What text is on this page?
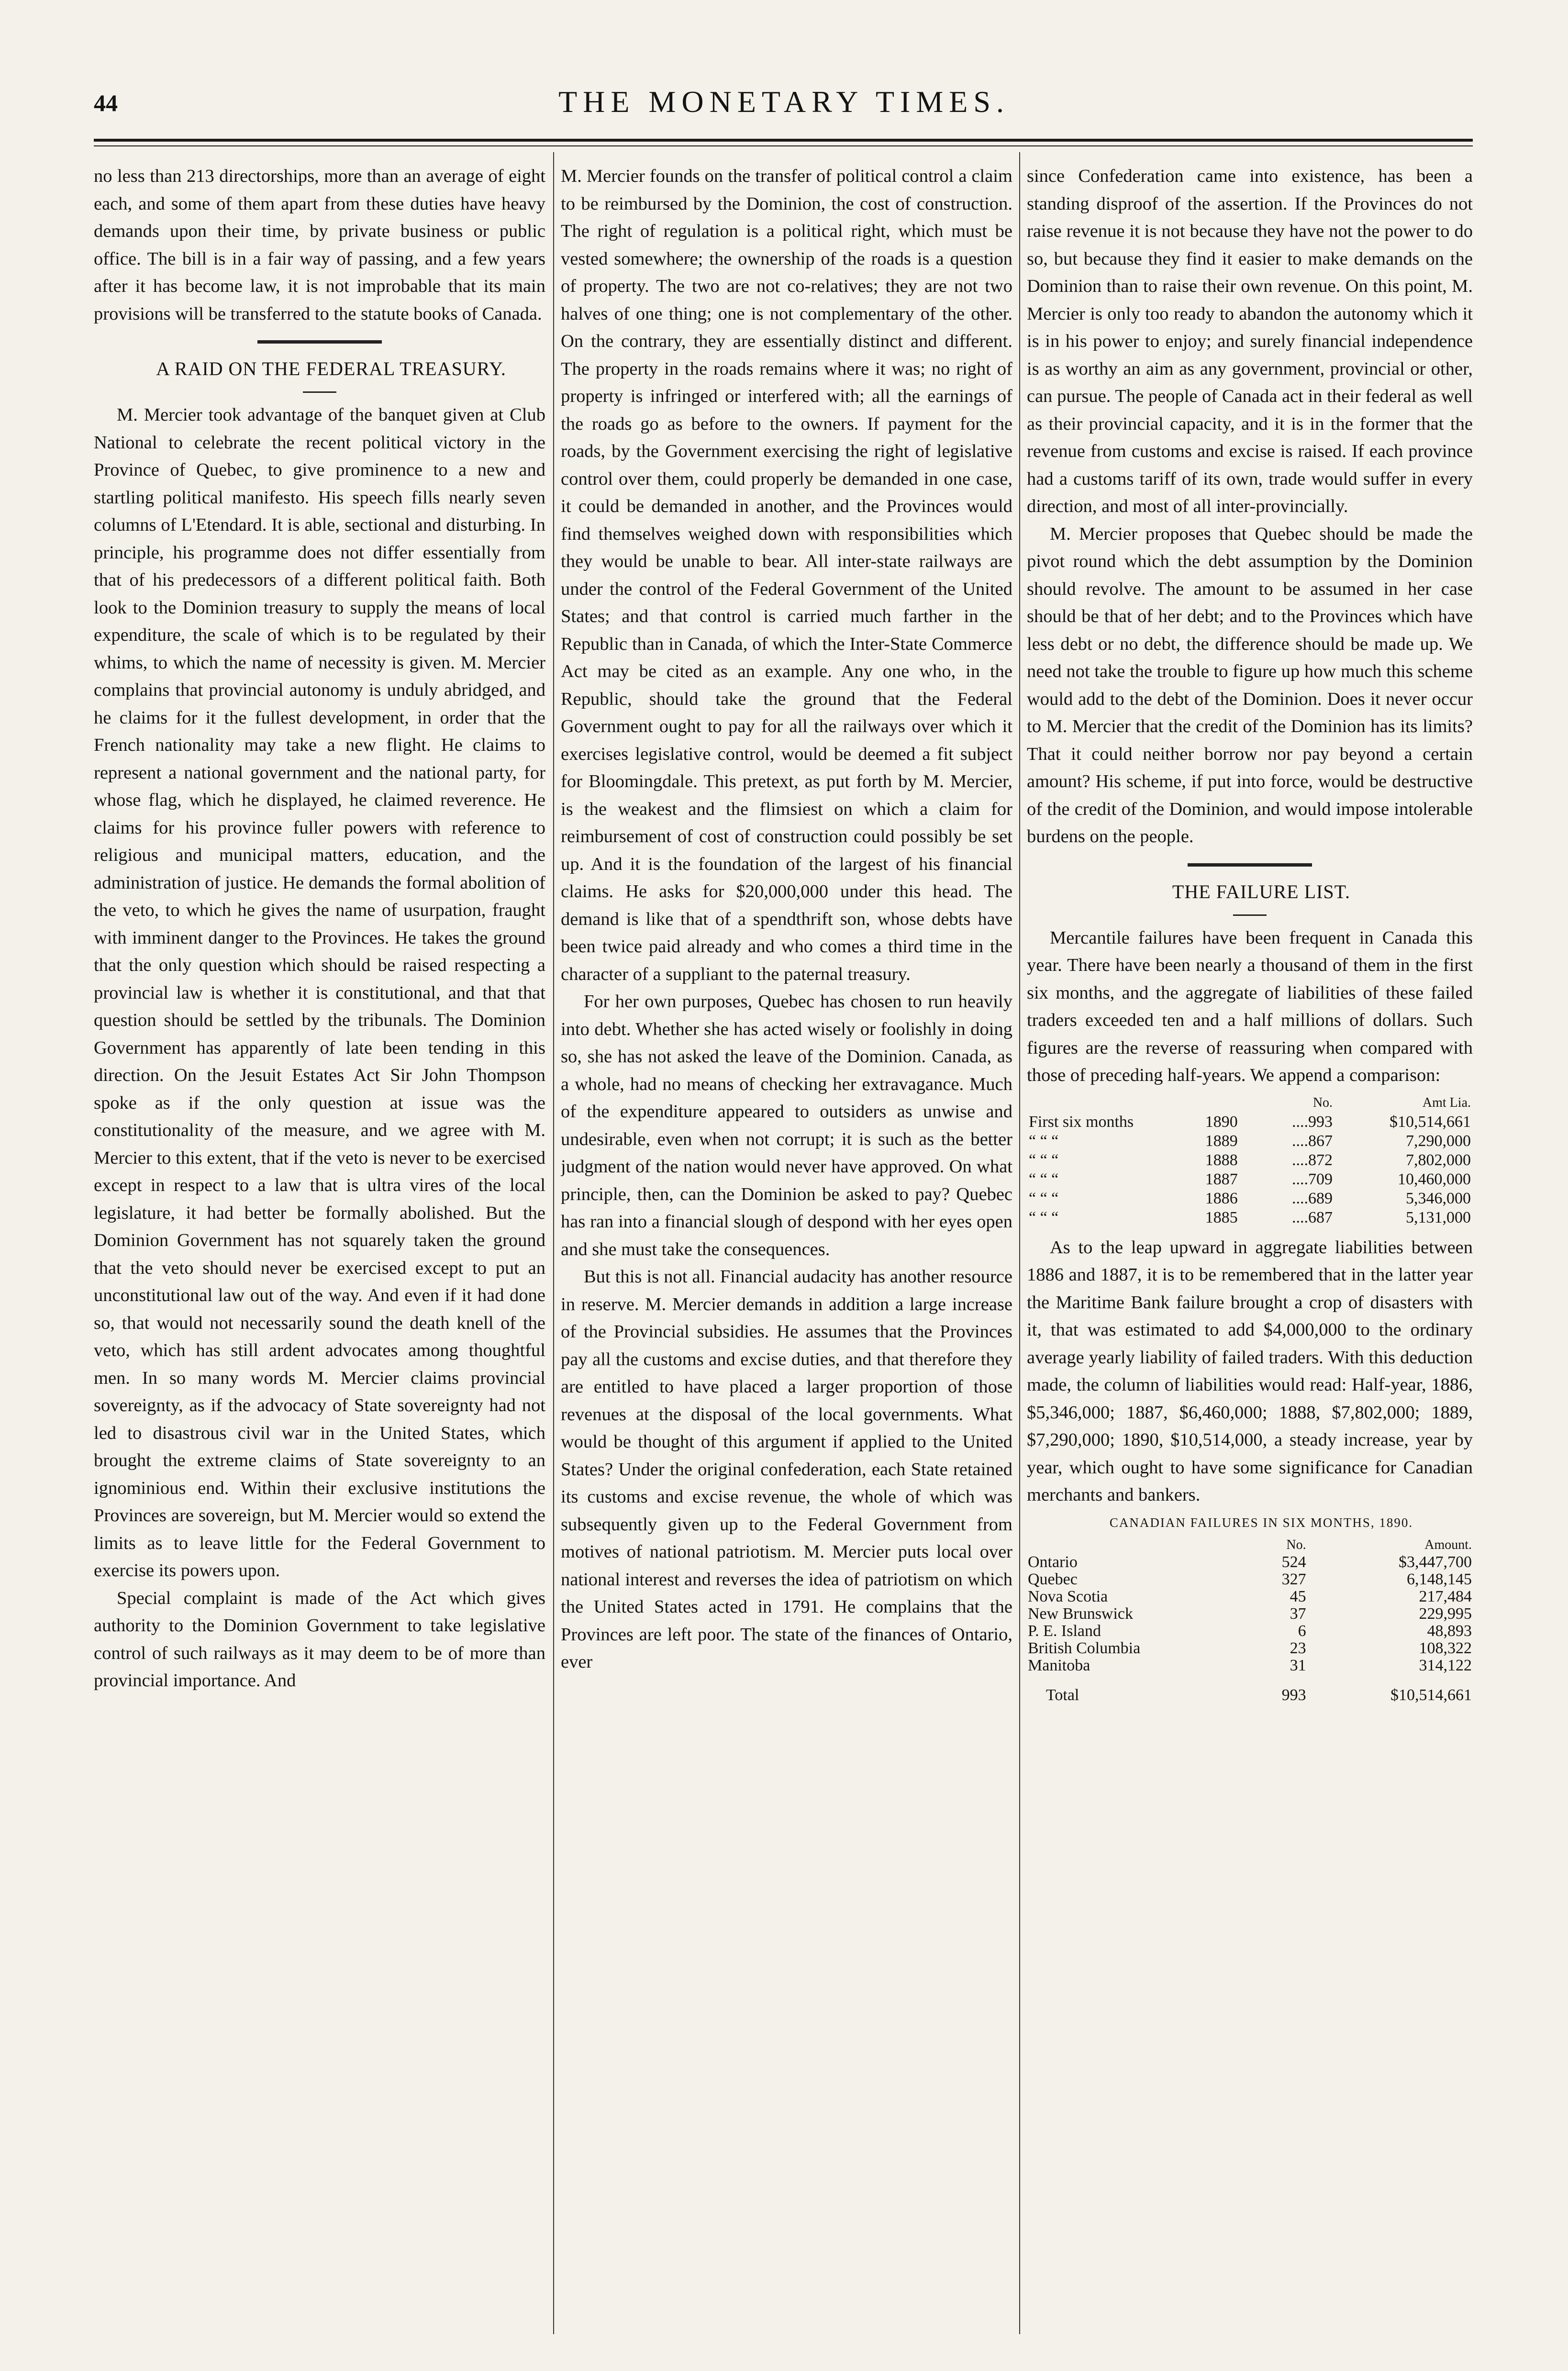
44	THE MONETARY TIMES.

no less than 213 directorships, more than an average of eight each, and some of them apart from these duties have heavy demands upon their time, by private business or public office. The bill is in a fair way of passing, and a few years after it has become law, it is not improbable that its main provisions will be transferred to the statute books of Canada.

A RAID ON THE FEDERAL TREASURY.

M. Mercier took advantage of the banquet given at Club National to celebrate the recent political victory in the Province of Quebec, to give prominence to a new and startling political manifesto. His speech fills nearly seven columns of L'Etendard. It is able, sectional and disturbing. In principle, his programme does not differ essentially from that of his predecessors of a different political faith. Both look to the Dominion treasury to supply the means of local expenditure, the scale of which is to be regulated by their whims, to which the name of necessity is given. M. Mercier complains that provincial autonomy is unduly abridged, and he claims for it the fullest development, in order that the French nationality may take a new flight. He claims to represent a national government and the national party, for whose flag, which he displayed, he claimed reverence. He claims for his province fuller powers with reference to religious and municipal matters, education, and the administration of justice. He demands the formal abolition of the veto, to which he gives the name of usurpation, fraught with imminent danger to the Provinces. He takes the ground that the only question which should be raised respecting a provincial law is whether it is constitutional, and that that question should be settled by the tribunals. The Dominion Government has apparently of late been tending in this direction. On the Jesuit Estates Act Sir John Thompson spoke as if the only question at issue was the constitutionality of the measure, and we agree with M. Mercier to this extent, that if the veto is never to be exercised except in respect to a law that is ultra vires of the local legislature, it had better be formally abolished. But the Dominion Government has not squarely taken the ground that the veto should never be exercised except to put an unconstitutional law out of the way. And even if it had done so, that would not necessarily sound the death knell of the veto, which has still ardent advocates among thoughtful men. In so many words M. Mercier claims provincial sovereignty, as if the advocacy of State sovereignty had not led to disastrous civil war in the United States, which brought the extreme claims of State sovereignty to an ignominious end. Within their exclusive institutions the Provinces are sovereign, but M. Mercier would so extend the limits as to leave little for the Federal Government to exercise its powers upon.

Special complaint is made of the Act which gives authority to the Dominion Government to take legislative control of such railways as it may deem to be of more than provincial importance. And

M. Mercier founds on the transfer of political control a claim to be reimbursed by the Dominion, the cost of construction. The right of regulation is a political right, which must be vested somewhere; the ownership of the roads is a question of property. The two are not co-relatives; they are not two halves of one thing; one is not complementary of the other. On the contrary, they are essentially distinct and different. The property in the roads remains where it was; no right of property is infringed or interfered with; all the earnings of the roads go as before to the owners. If payment for the roads, by the Government exercising the right of legislative control over them, could properly be demanded in one case, it could be demanded in another, and the Provinces would find themselves weighed down with responsibilities which they would be unable to bear. All inter-state railways are under the control of the Federal Government of the United States; and that control is carried much farther in the Republic than in Canada, of which the Inter-State Commerce Act may be cited as an example. Any one who, in the Republic, should take the ground that the Federal Government ought to pay for all the railways over which it exercises legislative control, would be deemed a fit subject for Bloomingdale. This pretext, as put forth by M. Mercier, is the weakest and the flimsiest on which a claim for reimbursement of cost of construction could possibly be set up. And it is the foundation of the largest of his financial claims. He asks for $20,000,000 under this head. The demand is like that of a spendthrift son, whose debts have been twice paid already and who comes a third time in the character of a suppliant to the paternal treasury.

For her own purposes, Quebec has chosen to run heavily into debt. Whether she has acted wisely or foolishly in doing so, she has not asked the leave of the Dominion. Canada, as a whole, had no means of checking her extravagance. Much of the expenditure appeared to outsiders as unwise and undesirable, even when not corrupt; it is such as the better judgment of the nation would never have approved. On what principle, then, can the Dominion be asked to pay? Quebec has ran into a financial slough of despond with her eyes open and she must take the consequences.

But this is not all. Financial audacity has another resource in reserve. M. Mercier demands in addition a large increase of the Provincial subsidies. He assumes that the Provinces pay all the customs and excise duties, and that therefore they are entitled to have placed a larger proportion of those revenues at the disposal of the local governments. What would be thought of this argument if applied to the United States? Under the original confederation, each State retained its customs and excise revenue, the whole of which was subsequently given up to the Federal Government from motives of national patriotism. M. Mercier puts local over national interest and reverses the idea of patriotism on which the United States acted in 1791. He complains that the Provinces are left poor. The state of the finances of Ontario, ever

since Confederation came into existence, has been a standing disproof of the assertion. If the Provinces do not raise revenue it is not because they have not the power to do so, but because they find it easier to make demands on the Dominion than to raise their own revenue. On this point, M. Mercier is only too ready to abandon the autonomy which it is in his power to enjoy; and surely financial independence is as worthy an aim as any government, provincial or other, can pursue. The people of Canada act in their federal as well as their provincial capacity, and it is in the former that the revenue from customs and excise is raised. If each province had a customs tariff of its own, trade would suffer in every direction, and most of all inter-provincially.

M. Mercier proposes that Quebec should be made the pivot round which the debt assumption by the Dominion should revolve. The amount to be assumed in her case should be that of her debt; and to the Provinces which have less debt or no debt, the difference should be made up. We need not take the trouble to figure up how much this scheme would add to the debt of the Dominion. Does it never occur to M. Mercier that the credit of the Dominion has its limits? That it could neither borrow nor pay beyond a certain amount? His scheme, if put into force, would be destructive of the credit of the Dominion, and would impose intolerable burdens on the people.

THE FAILURE LIST.

Mercantile failures have been frequent in Canada this year. There have been nearly a thousand of them in the first six months, and the aggregate of liabilities of these failed traders exceeded ten and a half millions of dollars. Such figures are the reverse of reassuring when compared with those of preceding half-years. We append a comparison:

		No.	Amt Lia.
First six months	1890	....993	$10,514,661
“ “ “	1889	....867	7,290,000
“ “ “	1888	....872	7,802,000
“ “ “	1887	....709	10,460,000
“ “ “	1886	....689	5,346,000
“ “ “	1885	....687	5,131,000

As to the leap upward in aggregate liabilities between 1886 and 1887, it is to be remembered that in the latter year the Maritime Bank failure brought a crop of disasters with it, that was estimated to add $4,000,000 to the ordinary average yearly liability of failed traders. With this deduction made, the column of liabilities would read: Half-year, 1886, $5,346,000; 1887, $6,460,000; 1888, $7,802,000; 1889, $7,290,000; 1890, $10,514,000, a steady increase, year by year, which ought to have some significance for Canadian merchants and bankers.

CANADIAN FAILURES IN SIX MONTHS, 1890.

	No.	Amount.
Ontario	524	$3,447,700
Quebec	327	6,148,145
Nova Scotia	45	217,484
New Brunswick	37	229,995
P. E. Island	6	48,893
British Columbia	23	108,322
Manitoba	31	314,122
Total	993	$10,514,661
